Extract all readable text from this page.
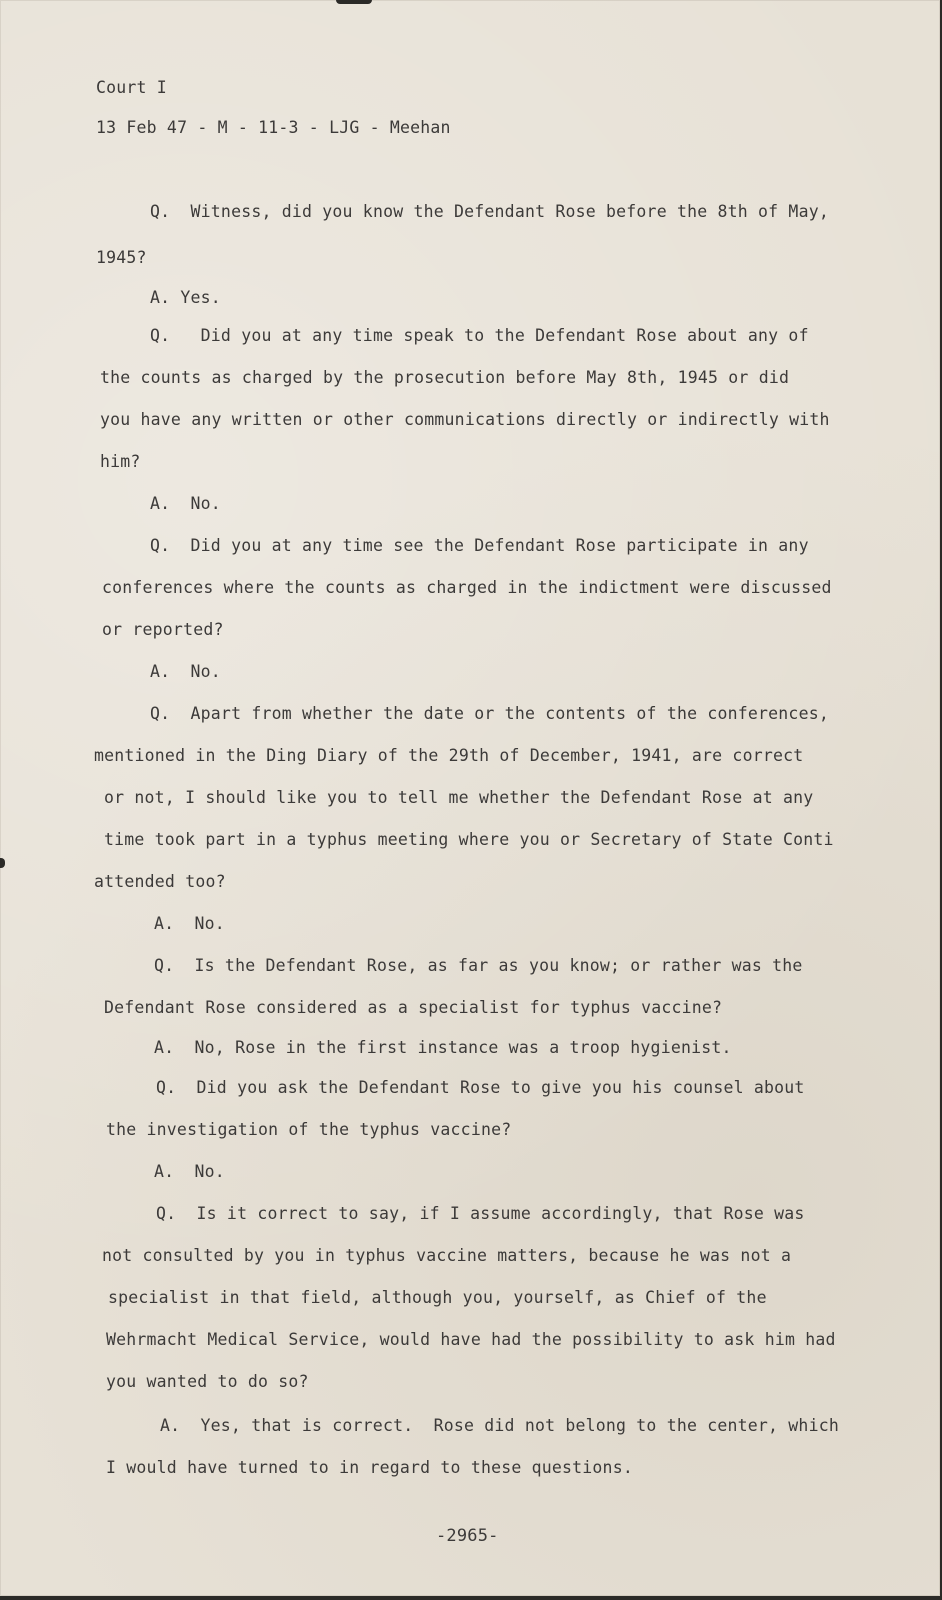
Court I

13 Feb 47 - M - 11-3 - LJG - Meehan

Q.  Witness, did you know the Defendant Rose before the 8th of May,

1945?

A. Yes.

Q.   Did you at any time speak to the Defendant Rose about any of

the counts as charged by the prosecution before May 8th, 1945 or did

you have any written or other communications directly or indirectly with

him?

A.  No.

Q.  Did you at any time see the Defendant Rose participate in any

conferences where the counts as charged in the indictment were discussed

or reported?

A.  No.

Q.  Apart from whether the date or the contents of the conferences,

mentioned in the Ding Diary of the 29th of December, 1941, are correct

or not, I should like you to tell me whether the Defendant Rose at any

time took part in a typhus meeting where you or Secretary of State Conti

attended too?

A.  No.

Q.  Is the Defendant Rose, as far as you know; or rather was the

Defendant Rose considered as a specialist for typhus vaccine?

A.  No, Rose in the first instance was a troop hygienist.

Q.  Did you ask the Defendant Rose to give you his counsel about

the investigation of the typhus vaccine?

A.  No.

Q.  Is it correct to say, if I assume accordingly, that Rose was

not consulted by you in typhus vaccine matters, because he was not a

specialist in that field, although you, yourself, as Chief of the

Wehrmacht Medical Service, would have had the possibility to ask him had

you wanted to do so?

A.  Yes, that is correct.  Rose did not belong to the center, which

I would have turned to in regard to these questions.

-2965-
